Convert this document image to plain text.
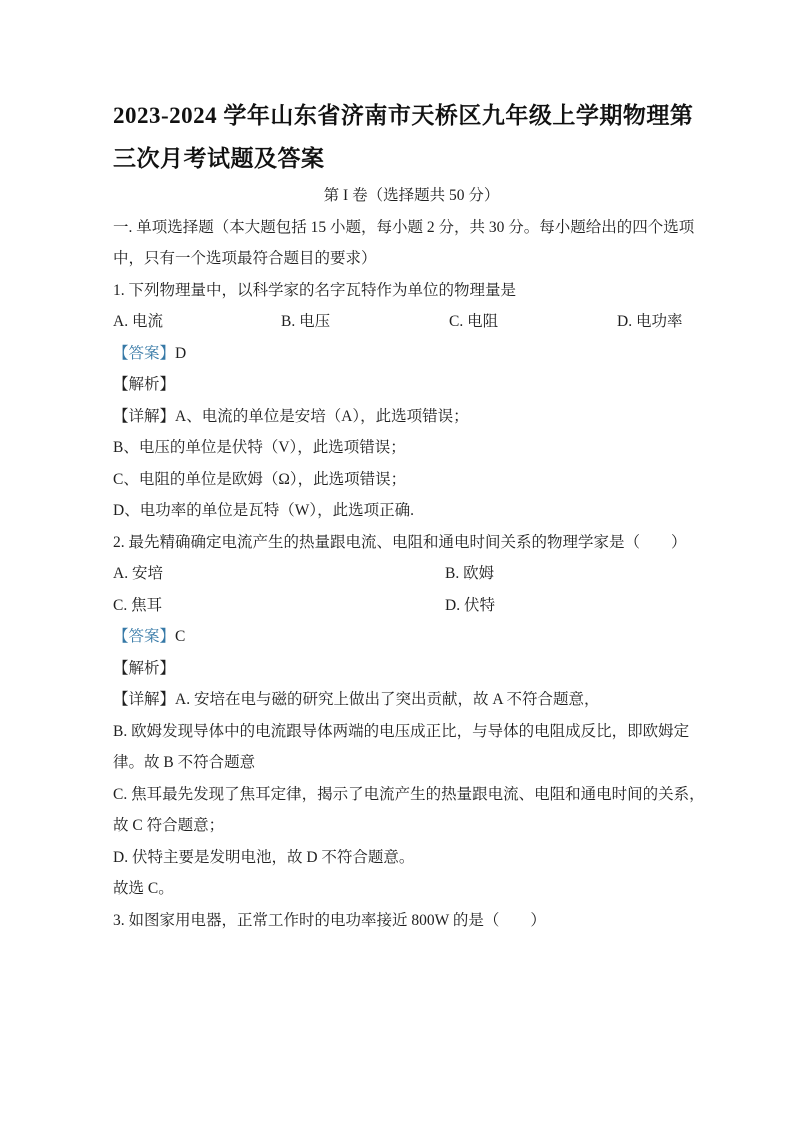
2023-2024 学年山东省济南市天桥区九年级上学期物理第三次月考试题及答案
第 I 卷（选择题共 50 分）

一. 单项选择题（本大题包括 15 小题，每小题 2 分，共 30 分。每小题给出的四个选项中，只有一个选项最符合题目的要求）

1. 下列物理量中，以科学家的名字瓦特作为单位的物理量是

A. 电流	B. 电压	C. 电阻	D. 电功率

【答案】D

【解析】

【详解】A、电流的单位是安培（A），此选项错误；

B、电压的单位是伏特（V），此选项错误；

C、电阻的单位是欧姆（Ω），此选项错误；

D、电功率的单位是瓦特（W），此选项正确.

2. 最先精确确定电流产生的热量跟电流、电阻和通电时间关系的物理学家是（　　）

A. 安培	B. 欧姆
C. 焦耳	D. 伏特

【答案】C

【解析】

【详解】A. 安培在电与磁的研究上做出了突出贡献，故 A 不符合题意，

B. 欧姆发现导体中的电流跟导体两端的电压成正比，与导体的电阻成反比，即欧姆定律。故 B 不符合题意

C. 焦耳最先发现了焦耳定律，揭示了电流产生的热量跟电流、电阻和通电时间的关系，故 C 符合题意；

D. 伏特主要是发明电池，故 D 不符合题意。

故选 C。

3. 如图家用电器，正常工作时的电功率接近 800W 的是（　　）
